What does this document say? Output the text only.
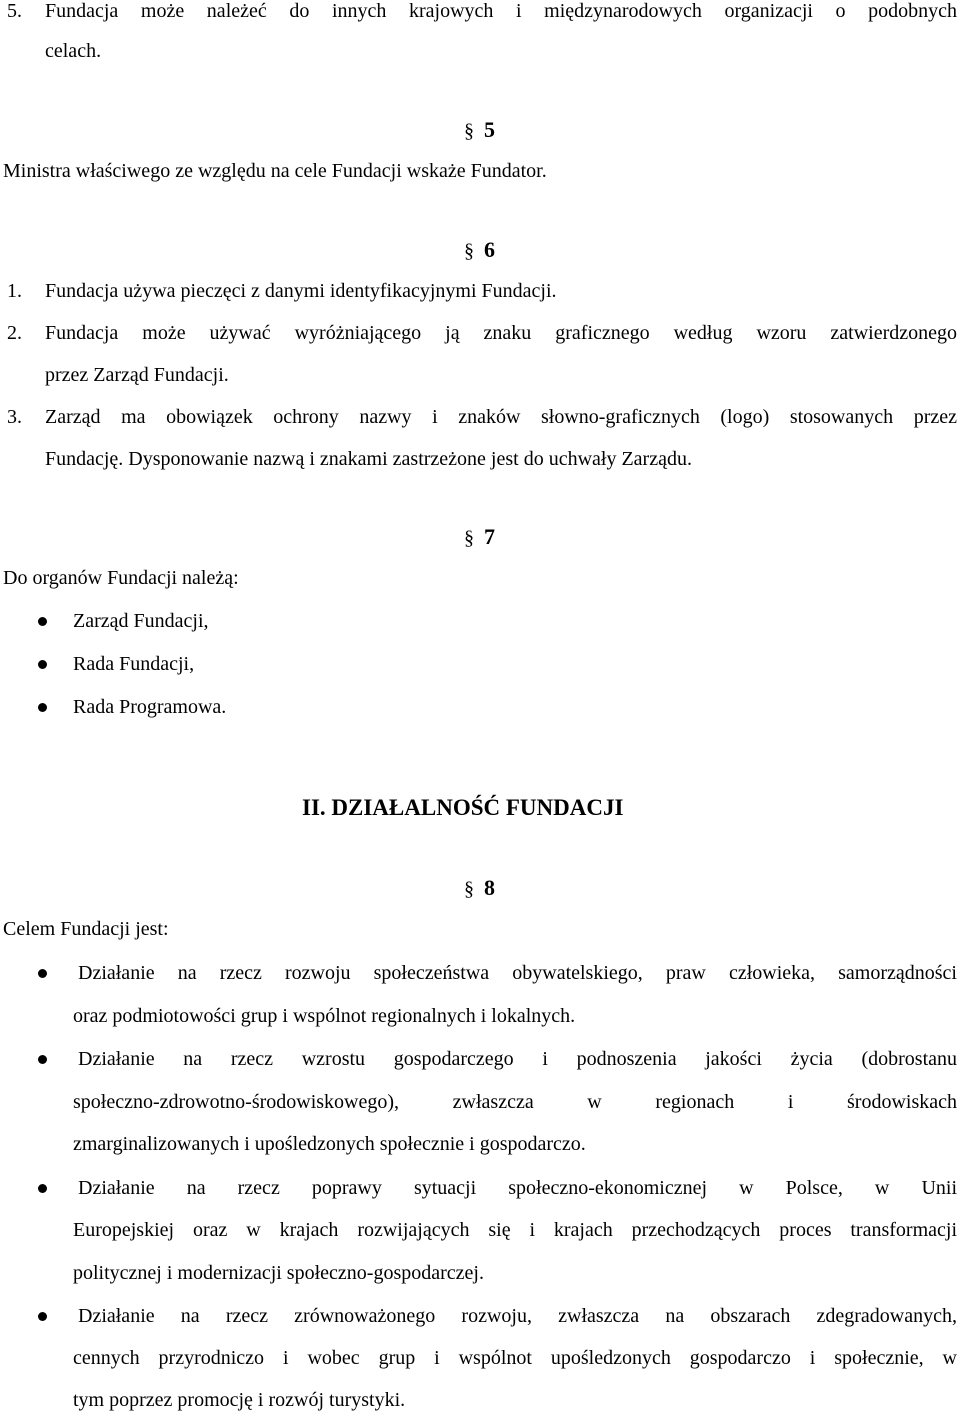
5. Fundacja może należeć do innych krajowych i międzynarodowych organizacji o podobnych
celach.
§ 5
Ministra właściwego ze względu na cele Fundacji wskaże Fundator.
§ 6
1. Fundacja używa pieczęci z danymi identyfikacyjnymi Fundacji.
2. Fundacja może używać wyróżniającego ją znaku graficznego według wzoru zatwierdzonego
przez Zarząd Fundacji.
3. Zarząd ma obowiązek ochrony nazwy i znaków słowno-graficznych (logo) stosowanych przez
Fundację. Dysponowanie nazwą i znakami zastrzeżone jest do uchwały Zarządu.
§ 7
Do organów Fundacji należą:
Zarząd Fundacji,
Rada Fundacji,
Rada Programowa.
II. DZIAŁALNOŚĆ FUNDACJI
§ 8
Celem Fundacji jest:
Działanie na rzecz rozwoju społeczeństwa obywatelskiego, praw człowieka, samorządności
oraz podmiotowości grup i wspólnot regionalnych i lokalnych.
Działanie na rzecz wzrostu gospodarczego i podnoszenia jakości życia (dobrostanu
społeczno-zdrowotno-środowiskowego), zwłaszcza w regionach i środowiskach
zmarginalizowanych i upośledzonych społecznie i gospodarczo.
Działanie na rzecz poprawy sytuacji społeczno-ekonomicznej w Polsce, w Unii
Europejskiej oraz w krajach rozwijających się i krajach przechodzących proces transformacji
politycznej i modernizacji społeczno-gospodarczej.
Działanie na rzecz zrównoważonego rozwoju, zwłaszcza na obszarach zdegradowanych,
cennych przyrodniczo i wobec grup i wspólnot upośledzonych gospodarczo i społecznie, w
tym poprzez promocję i rozwój turystyki.
